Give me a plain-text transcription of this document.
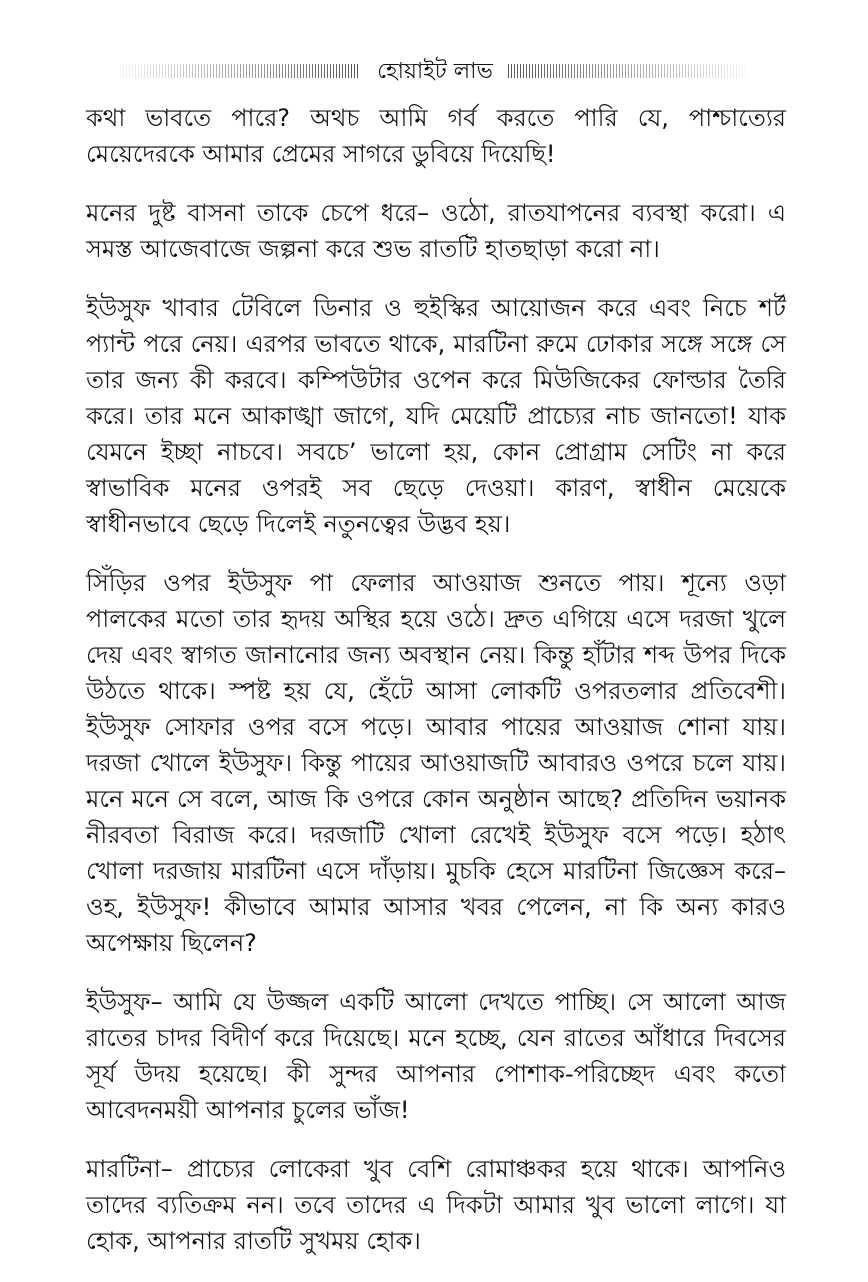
হোয়াইট লাভ

কথা ভাবতে পারে? অথচ আমি গর্ব করতে পারি যে, পাশ্চাত্যের মেয়েদেরকে আমার প্রেমের সাগরে ডুবিয়ে দিয়েছি!

মনের দুষ্ট বাসনা তাকে চেপে ধরে– ওঠো, রাতযাপনের ব্যবস্থা করো। এ সমস্ত আজেবাজে জল্পনা করে শুভ রাতটি হাতছাড়া করো না।

ইউসুফ খাবার টেবিলে ডিনার ও হুইস্কির আয়োজন করে এবং নিচে শর্ট প্যান্ট পরে নেয়। এরপর ভাবতে থাকে, মারটিনা রুমে ঢোকার সঙ্গে সঙ্গে সে তার জন্য কী করবে। কম্পিউটার ওপেন করে মিউজিকের ফোল্ডার তৈরি করে। তার মনে আকাঙ্খা জাগে, যদি মেয়েটি প্রাচ্যের নাচ জানতো! যাক যেমনে ইচ্ছা নাচবে। সবচে’ ভালো হয়, কোন প্রোগ্রাম সেটিং না করে স্বাভাবিক মনের ওপরই সব ছেড়ে দেওয়া। কারণ, স্বাধীন মেয়েকে স্বাধীনভাবে ছেড়ে দিলেই নতুনত্বের উদ্ভব হয়।

সিঁড়ির ওপর ইউসুফ পা ফেলার আওয়াজ শুনতে পায়। শূন্যে ওড়া পালকের মতো তার হৃদয় অস্থির হয়ে ওঠে। দ্রুত এগিয়ে এসে দরজা খুলে দেয় এবং স্বাগত জানানোর জন্য অবস্থান নেয়। কিন্তু হাঁটার শব্দ উপর দিকে উঠতে থাকে। স্পষ্ট হয় যে, হেঁটে আসা লোকটি ওপরতলার প্রতিবেশী। ইউসুফ সোফার ওপর বসে পড়ে। আবার পায়ের আওয়াজ শোনা যায়। দরজা খোলে ইউসুফ। কিন্তু পায়ের আওয়াজটি আবারও ওপরে চলে যায়। মনে মনে সে বলে, আজ কি ওপরে কোন অনুষ্ঠান আছে? প্রতিদিন ভয়ানক নীরবতা বিরাজ করে। দরজাটি খোলা রেখেই ইউসুফ বসে পড়ে। হঠাৎ খোলা দরজায় মারটিনা এসে দাঁড়ায়। মুচকি হেসে মারটিনা জিজ্ঞেস করে– ওহ, ইউসুফ! কীভাবে আমার আসার খবর পেলেন, না কি অন্য কারও অপেক্ষায় ছিলেন?

ইউসুফ– আমি যে উজ্জল একটি আলো দেখতে পাচ্ছি। সে আলো আজ রাতের চাদর বিদীর্ণ করে দিয়েছে। মনে হচ্ছে, যেন রাতের আঁধারে দিবসের সূর্য উদয় হয়েছে। কী সুন্দর আপনার পোশাক-পরিচ্ছেদ এবং কতো আবেদনময়ী আপনার চুলের ভাঁজ!

মারটিনা– প্রাচ্যের লোকেরা খুব বেশি রোমাঞ্চকর হয়ে থাকে। আপনিও তাদের ব্যতিক্রম নন। তবে তাদের এ দিকটা আমার খুব ভালো লাগে। যা হোক, আপনার রাতটি সুখময় হোক।
